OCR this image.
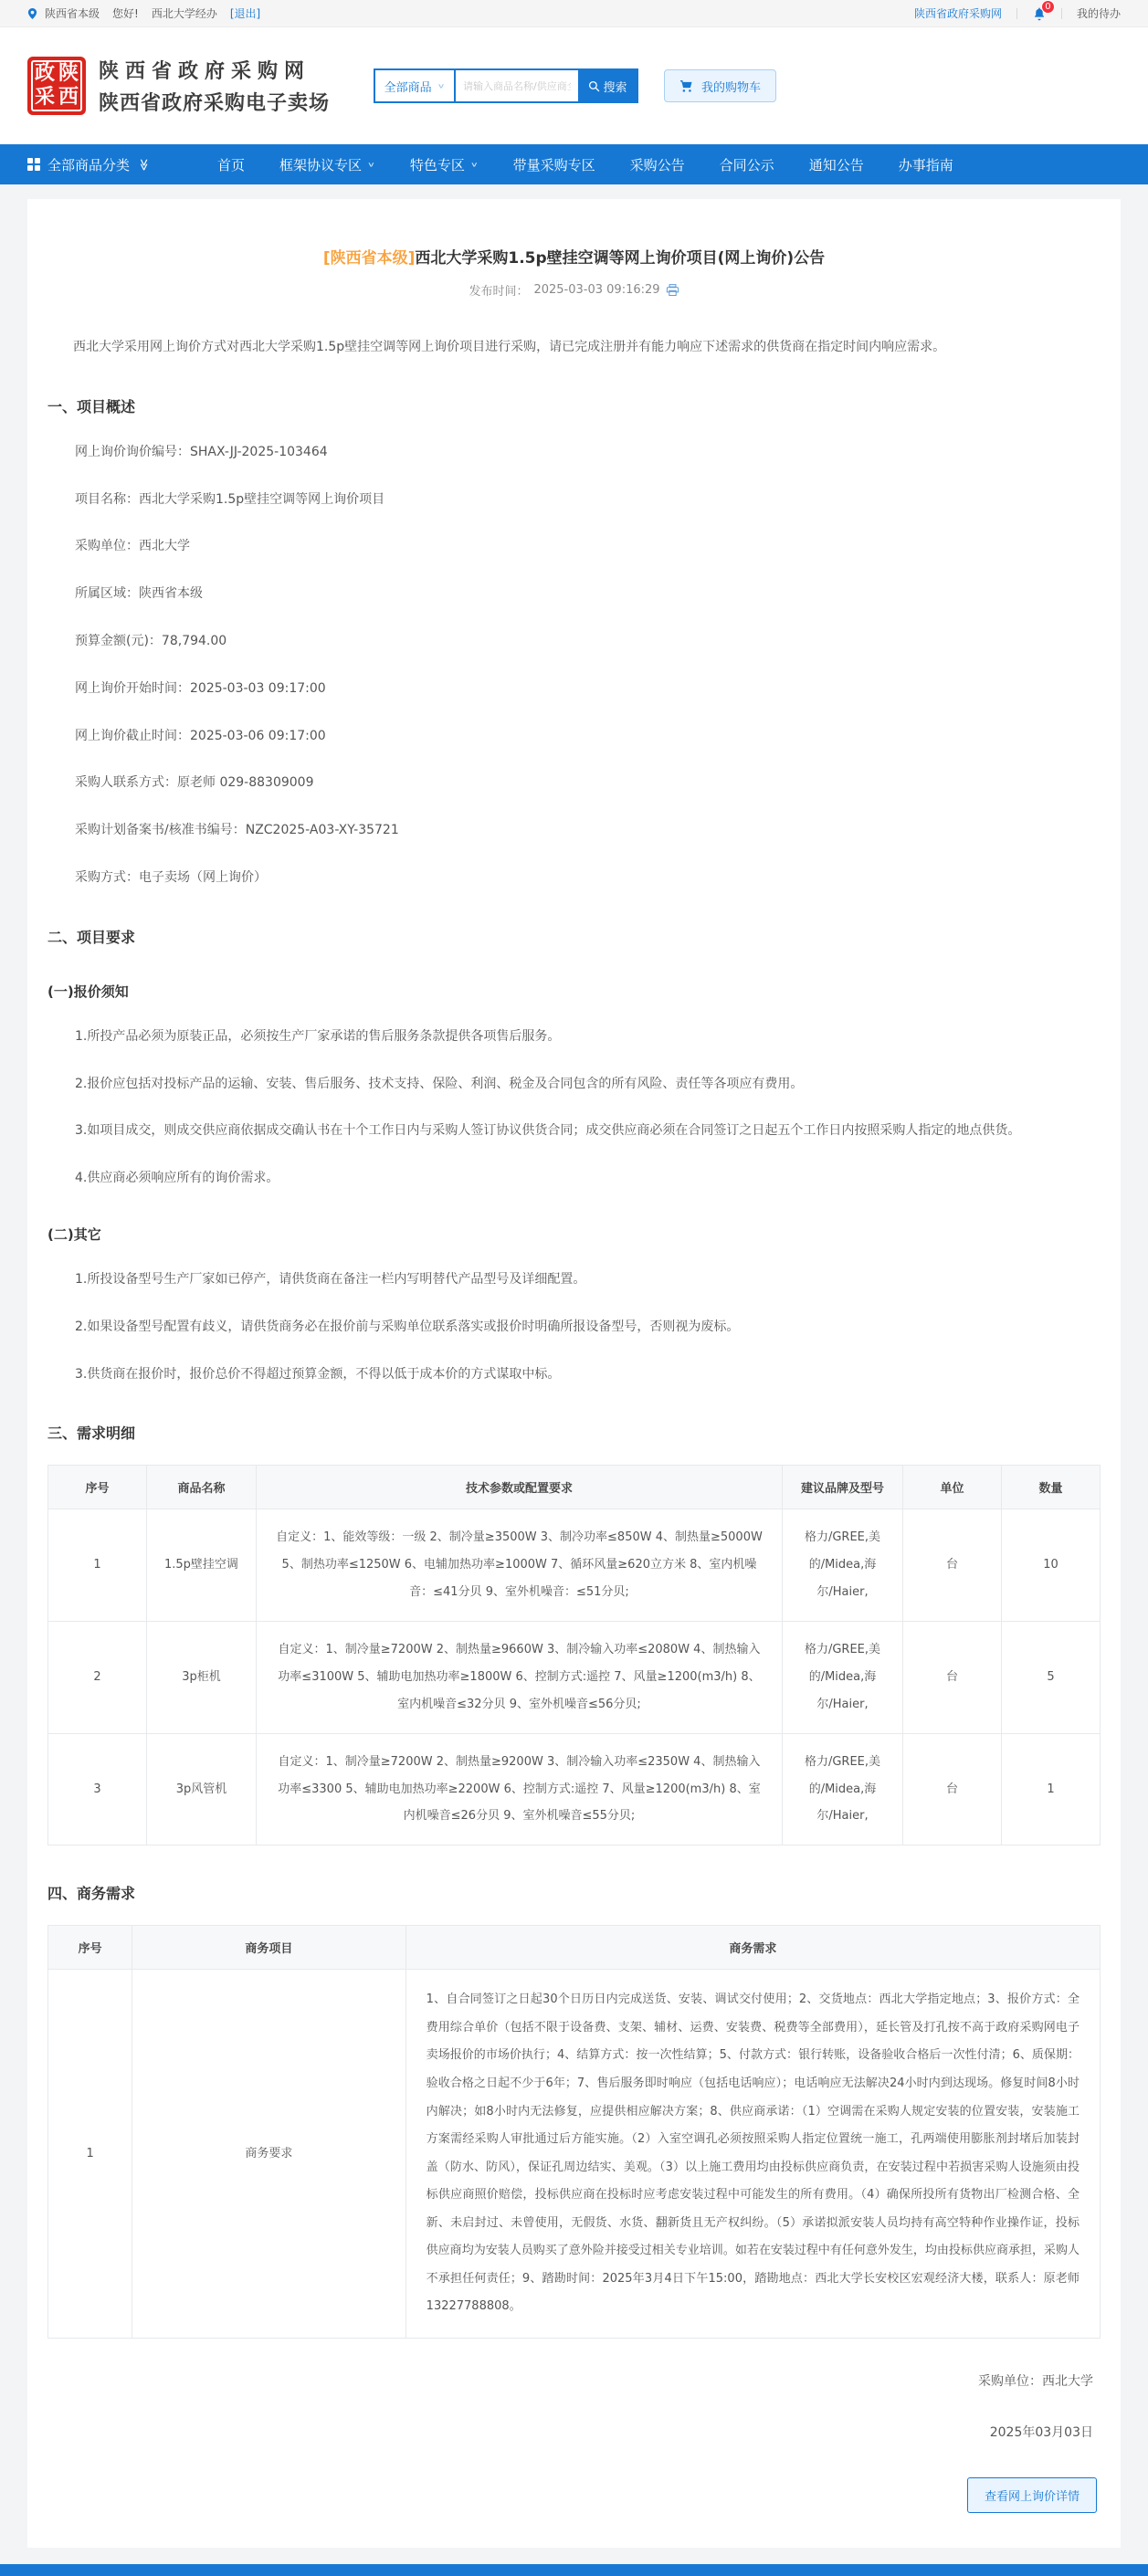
陕西省本级 您好! 西北大学经办 [退出]	陕西省政府采购网
0
我的待办
政 陕
采 西
陕西省政府采购网
陕西省政府采购电子卖场
全部商品 ∨
请输入商品名称/供应商全称	搜索	我的购物车
全部商品分类 ≫	首页	框架协议专区 ∨	特色专区 ∨	带量采购专区	采购公告	合同公示	通知公告	办事指南
[陕西省本级]西北大学采购1.5p壁挂空调等网上询价项目(网上询价)公告
发布时间： 2025-03-03 09:16:29
西北大学采用网上询价方式对西北大学采购1.5p壁挂空调等网上询价项目进行采购，请已完成注册并有能力响应下述需求的供货商在指定时间内响应需求。
一、项目概述
网上询价询价编号：SHAX-JJ-2025-103464
项目名称：西北大学采购1.5p壁挂空调等网上询价项目
采购单位：西北大学
所属区域：陕西省本级
预算金额(元)：78,794.00
网上询价开始时间：2025-03-03 09:17:00
网上询价截止时间：2025-03-06 09:17:00
采购人联系方式：原老师 029-88309009
采购计划备案书/核准书编号：NZC2025-A03-XY-35721
采购方式：电子卖场（网上询价）
二、项目要求
(一)报价须知
1.所投产品必须为原装正品，必须按生产厂家承诺的售后服务条款提供各项售后服务。
2.报价应包括对投标产品的运输、安装、售后服务、技术支持、保险、利润、税金及合同包含的所有风险、责任等各项应有费用。
3.如项目成交，则成交供应商依据成交确认书在十个工作日内与采购人签订协议供货合同；成交供应商必须在合同签订之日起五个工作日内按照采购人指定的地点供货。
4.供应商必须响应所有的询价需求。
(二)其它
1.所投设备型号生产厂家如已停产，请供货商在备注一栏内写明替代产品型号及详细配置。
2.如果设备型号配置有歧义，请供货商务必在报价前与采购单位联系落实或报价时明确所报设备型号，否则视为废标。
3.供货商在报价时，报价总价不得超过预算金额，不得以低于成本价的方式谋取中标。
三、需求明细
序号	商品名称	技术参数或配置要求	建议品牌及型号	单位	数量
1	1.5p壁挂空调	自定义：1、能效等级：一级 2、制冷量≥3500W 3、制冷功率≤850W 4、制热量≥5000W 5、制热功率≤1250W 6、电辅加热功率≥1000W 7、循环风量≥620立方米 8、室内机噪音：≤41分贝 9、室外机噪音：≤51分贝;	格力/GREE,美的/Midea,海尔/Haier,	台	10
2	3p柜机	自定义：1、制冷量≥7200W 2、制热量≥9660W 3、制冷输入功率≤2080W 4、制热输入功率≤3100W 5、辅助电加热功率≥1800W 6、控制方式:遥控 7、风量≥1200(m3/h) 8、室内机噪音≤32分贝 9、室外机噪音≤56分贝;	格力/GREE,美的/Midea,海尔/Haier,	台	5
3	3p风管机	自定义：1、制冷量≥7200W 2、制热量≥9200W 3、制冷输入功率≤2350W 4、制热输入功率≤3300 5、辅助电加热功率≥2200W 6、控制方式:遥控 7、风量≥1200(m3/h) 8、室内机噪音≤26分贝 9、室外机噪音≤55分贝;	格力/GREE,美的/Midea,海尔/Haier,	台	1
四、商务需求
序号	商务项目	商务需求
1	商务要求	1、自合同签订之日起30个日历日内完成送货、安装、调试交付使用；2、交货地点：西北大学指定地点；3、报价方式：全费用综合单价（包括不限于设备费、支架、辅材、运费、安装费、税费等全部费用），延长管及打孔按不高于政府采购网电子卖场报价的市场价执行；4、结算方式：按一次性结算；5、付款方式：银行转账，设备验收合格后一次性付清；6、质保期：验收合格之日起不少于6年；7、售后服务即时响应（包括电话响应）；电话响应无法解决24小时内到达现场。修复时间8小时内解决；如8小时内无法修复，应提供相应解决方案；8、供应商承诺：（1）空调需在采购人规定安装的位置安装，安装施工方案需经采购人审批通过后方能实施。（2）入室空调孔必须按照采购人指定位置统一施工，孔两端使用膨胀剂封堵后加装封盖（防水、防风），保证孔周边结实、美观。（3）以上施工费用均由投标供应商负责，在安装过程中若损害采购人设施须由投标供应商照价赔偿，投标供应商在投标时应考虑安装过程中可能发生的所有费用。（4）确保所投所有货物出厂检测合格、全新、未启封过、未曾使用，无假货、水货、翻新货且无产权纠纷。（5）承诺拟派安装人员均持有高空特种作业操作证，投标供应商均为安装人员购买了意外险并接受过相关专业培训。如若在安装过程中有任何意外发生，均由投标供应商承担，采购人不承担任何责任；9、踏勘时间：2025年3月4日下午15:00，踏勘地点：西北大学长安校区宏观经济大楼，联系人：原老师13227788808。
采购单位：西北大学
2025年03月03日
查看网上询价详情
